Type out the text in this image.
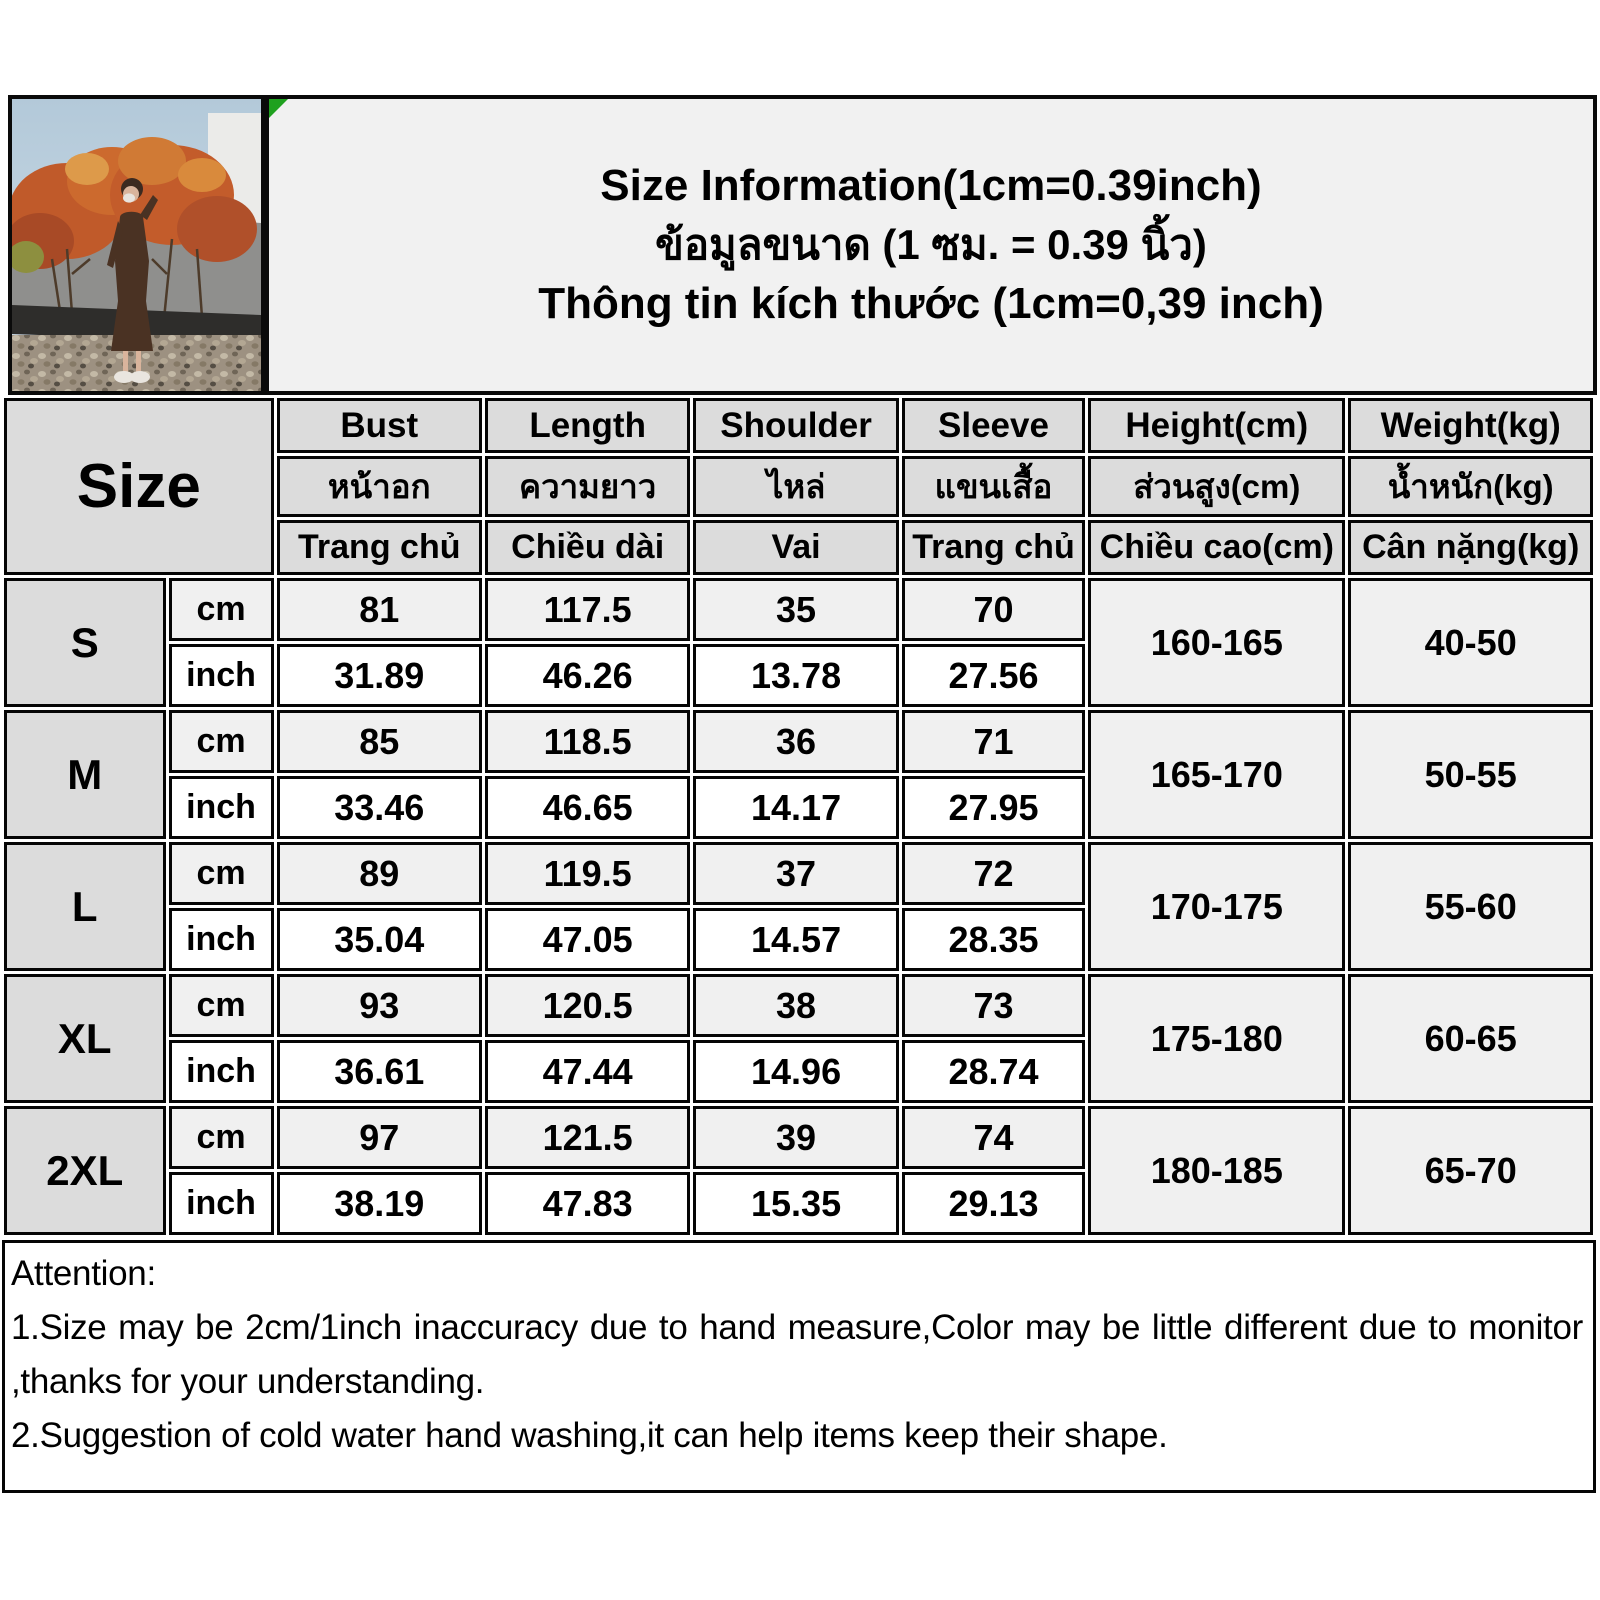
Size Information(1cm=0.39inch)
ข้อมูลขนาด (1 ซม. = 0.39 นิ้ว)
Thông tin kích thước (1cm=0,39 inch)
Size		Bust	Length	Shoulder	Sleeve	Height(cm)	Weight(kg)
		หน้าอก	ความยาว	ไหล่	แขนเสื้อ	ส่วนสูง(cm)	น้ำหนัก(kg)
		Trang chủ	Chiều dài	Vai	Trang chủ	Chiều cao(cm)	Cân nặng(kg)
S	cm	81	117.5	35	70	160-165	40-50
	inch	31.89	46.26	13.78	27.56		
M	cm	85	118.5	36	71	165-170	50-55
	inch	33.46	46.65	14.17	27.95		
L	cm	89	119.5	37	72	170-175	55-60
	inch	35.04	47.05	14.57	28.35		
XL	cm	93	120.5	38	73	175-180	60-65
	inch	36.61	47.44	14.96	28.74		
2XL	cm	97	121.5	39	74	180-185	65-70
	inch	38.19	47.83	15.35	29.13		
Attention:
1.Size may be 2cm/1inch inaccuracy due to hand measure,Color may be little different due to monitor ,thanks for your understanding.
2.Suggestion of cold water hand washing,it can help items keep their shape.
